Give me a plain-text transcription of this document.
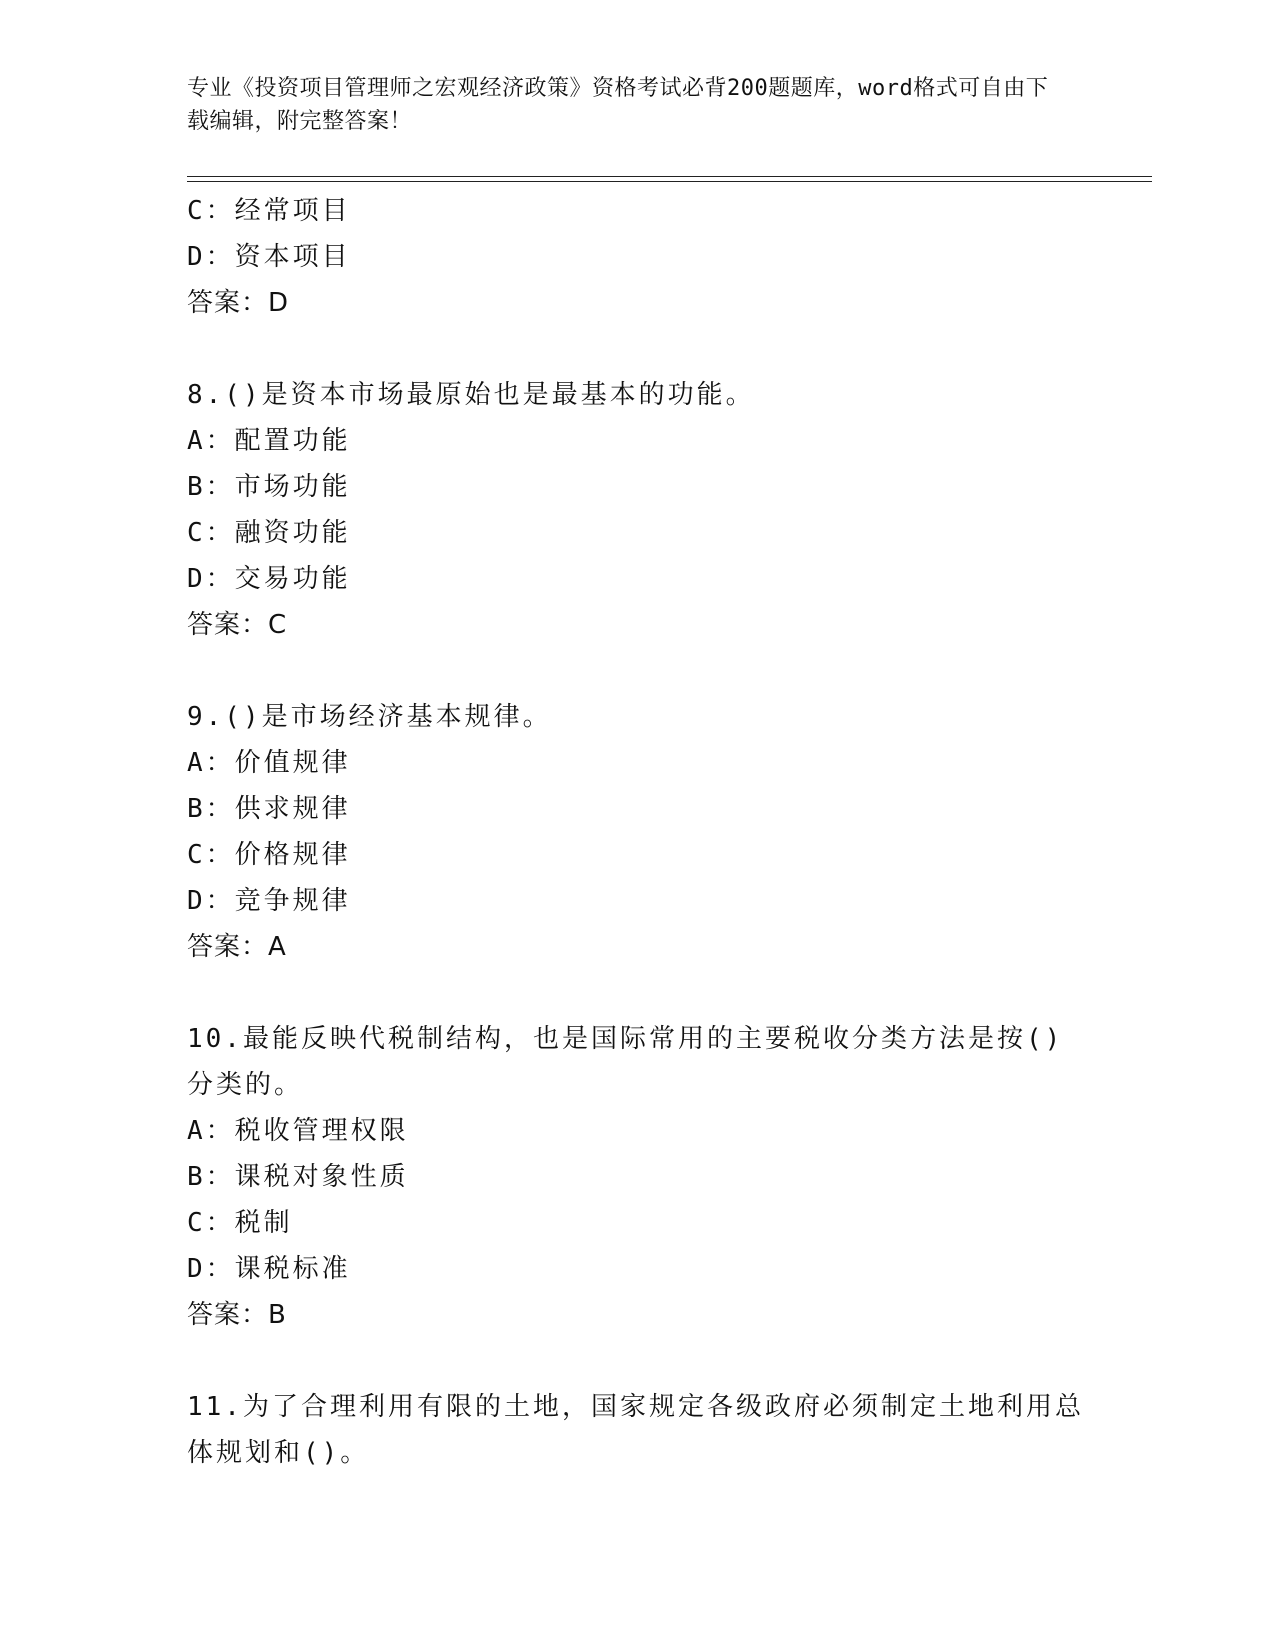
专业《投资项目管理师之宏观经济政策》资格考试必背200题题库，word格式可自由下载编辑，附完整答案！
C：经常项目
D：资本项目
答案：D
8.()是资本市场最原始也是最基本的功能。
A：配置功能
B：市场功能
C：融资功能
D：交易功能
答案：C
9.()是市场经济基本规律。
A：价值规律
B：供求规律
C：价格规律
D：竞争规律
答案：A
10.最能反映代税制结构，也是国际常用的主要税收分类方法是按()分类的。
A：税收管理权限
B：课税对象性质
C：税制
D：课税标准
答案：B
11.为了合理利用有限的土地，国家规定各级政府必须制定土地利用总体规划和()。
